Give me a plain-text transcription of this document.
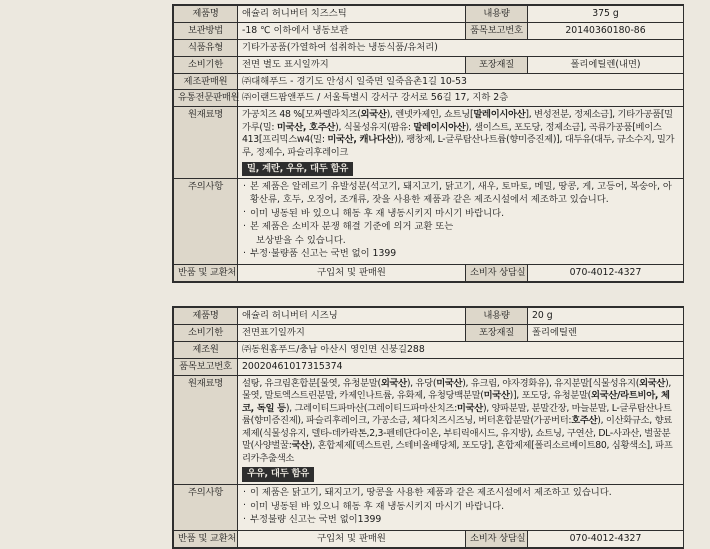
제품명	애슐리 허니버터 치즈스틱	내용량	375 g
보관방법	-18 ℃ 이하에서 냉동보관	품목보고번호	20140360180-86
식품유형	기타가공품(가열하여 섭취하는 냉동식품/유처리)		
소비기한	전면 별도 표시일까지	포장재질	폴리에틸렌(내면)
제조판매원	㈜대해푸드 - 경기도 안성시 일죽면 일죽읍촌1길 10-53		
유통전문판매원	㈜이랜드팜앤푸드 / 서울특별시 강서구 강서로 56길 17, 지하 2층		
원재료명	가공치즈 48 %[모짜렐라치즈(외국산), 렌넷카제인, 쇼트닝[말레이시아산], 변성전분, 정제소금], 기타가공품[밀가루(밀: 미국산, 호주산), 식물성유지(팜유: 말레이시아산), 샐이스트, 포도당, 정제소금], 곡류가공품[베이스413[프리믹스w4(밀: 미국산, 캐나다산)), 팽창제, L-글루탐산나트륨(향미증진제)], 대두유(대두, 규소수지, 밀가루, 정제수, 파슬리후레이크
밀, 계란, 우유, 대두 함유		
주의사항	
·본 제품은 알레르기 유발성분(석고기, 돼지고기, 닭고기, 새우, 토마토, 메밀, 땅콩, 게, 고등어, 복숭아, 아황산류, 호두, 오징어, 조개류, 잣을 사용한 제품과 같은 제조시설에서 제조하고 있습니다.
· 이미 냉동된 바 있으니 해동 후 재 냉동시키지 마시기 바랍니다.
· 본 제품은 소비자 분쟁 해결 기준에 의거 교환 또는
보상받을 수 있습니다.
· 부정·불량품 신고는 국번 없이 1399

반품 및 교환처	구입처 및 판매원	소비자 상담실	070-4012-4327
제품명	애슐리 허니버터 시즈닝	내용량	20 g
소비기한	전면표기일까지	포장재질	폴리에틸렌
제조원	㈜동원홈푸드/충남 아산시 영인면 신붕길288		
품목보고번호	20020461017315374		
원재료명	설탕, 유크림혼합분[물엿, 유청분말(외국산), 유당(미국산), 유크림, 야자경화유), 유지분말[식물성유지(외국산), 물엿, 말토엑스트린분말, 카제인나트륨, 유화제, 유청당백분말(미국산)], 포도당, 유청분말(외국산/라트비아, 체코, 독일 등), 그레이티드파마산(그레이티드파마산치즈:미국산), 양파분말, 분말간장, 마늘분말, L-글루탐산나트륨(향미증진제), 파슬리후레이크, 가공소금, 체다치즈시즈닝, 버터혼합분말(가공버터:호주산), 이산화규소, 향료제제(식물성유지, 델타-데카락톤,2,3-펜테단다이온, 부티릭애시드, 유지방), 쇼트닝, 구연산, DL-사과산, 벌꿀분말(사양벌꿀:국산), 혼합제제[덱스트린, 스테비올배당체, 포도당], 혼합제제[폴리소르베이트80, 심황색소], 파프리카추출색소
우유, 대두 함유		
주의사항	
·이 제품은 닭고기, 돼지고기, 땅콩을 사용한 제품과 같은 제조시설에서 제조하고 있습니다.
· 이미 냉동된 바 있으니 해동 후 재 냉동시키지 마시기 바랍니다.
· 부정불량 신고는 국번 없이1399

반품 및 교환처	구입처 및 판매원	소비자 상담실	070-4012-4327
